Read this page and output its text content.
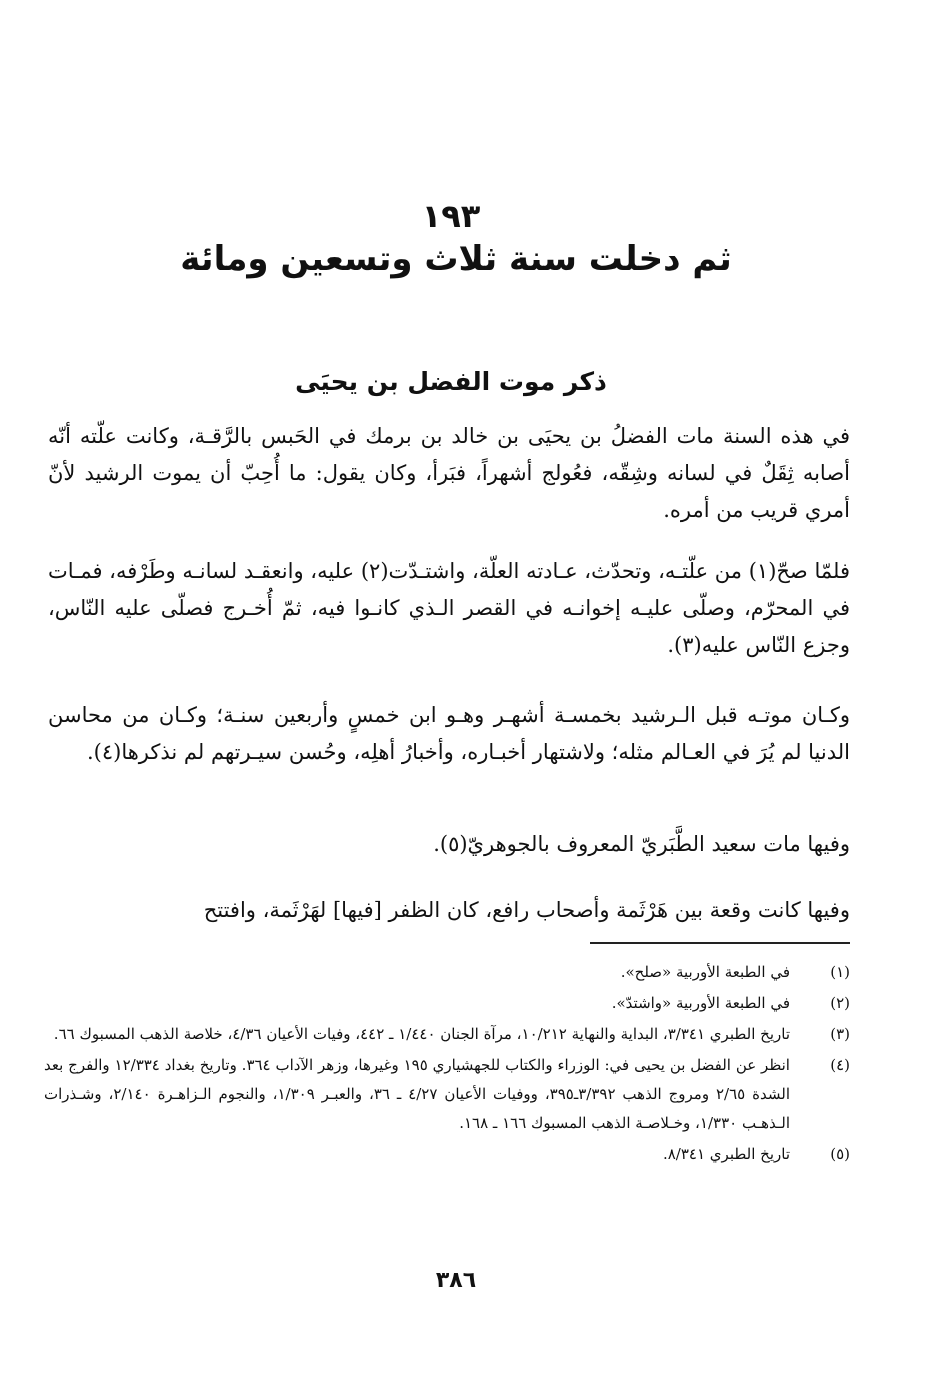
١٩٣
ثم دخلت سنة ثلاث وتسعين ومائة
ذكر موت الفضل بن يحيَى

في هذه السنة مات الفضلُ بن يحيَى بن خالد بن برمك في الحَبس بالرَّقـة، وكانت علّته أنّه أصابه ثِقَلٌ في لسانه وشِقّه، فعُولج أشهراً، فبَرأ، وكان يقول: ما أُحِبّ أن يموت الرشيد لأنّ أمري قريب من أمره.

فلمّا صحّ(١) من علّتـه، وتحدّث، عـادته العلّة، واشتـدّت(٢) عليه، وانعقـد لسانـه وطَرْفه، فمـات في المحرّم، وصلّى عليـه إخوانـه في القصر الـذي كانـوا فيه، ثمّ أُخـرج فصلّى عليه النّاس، وجزع النّاس عليه(٣).

وكـان موتـه قبل الـرشيد بخمسـة أشهـر وهـو ابن خمسٍ وأربعين سنـة؛ وكـان من محاسن الدنيا لم يُرَ في العـالم مثله؛ ولاشتهار أخبـاره، وأخبارُ أهلِه، وحُسن سيـرتهم لم نذكرها(٤).

وفيها مات سعيد الطَّبَريّ المعروف بالجوهريّ(٥).

وفيها كانت وقعة بين هَرْثَمة وأصحاب رافع، كان الظفر [فيها] لهَرْثَمة، وافتتح

(١)
في الطبعة الأوربية «صلح».
(٢)
في الطبعة الأوربية «واشتدّ».
(٣)
تاريخ الطبري ٣/٣٤١، البداية والنهاية ١٠/٢١٢، مرآة الجنان ١/٤٤٠ ـ ٤٤٢، وفيات الأعيان ٤/٣٦، خلاصة الذهب المسبوك ٦٦.
(٤)
انظر عن الفضل بن يحيى في: الوزراء والكتاب للجهشياري ١٩٥ وغيرها، وزهر الآداب ٣٦٤. وتاريخ بغداد ١٢/٣٣٤ والفرج بعد الشدة ٢/٦٥ ومروج الذهب ٣/٣٩٢ـ٣٩٥، ووفيات الأعيان ٤/٢٧ ـ ٣٦، والعبـر ١/٣٠٩، والنجوم الـزاهـرة ٢/١٤٠، وشـذرات الـذهـب ١/٣٣٠، وخـلاصـة الذهب المسبوك ١٦٦ ـ ١٦٨.
(٥)
تاريخ الطبري ٨/٣٤١.
٣٨٦
